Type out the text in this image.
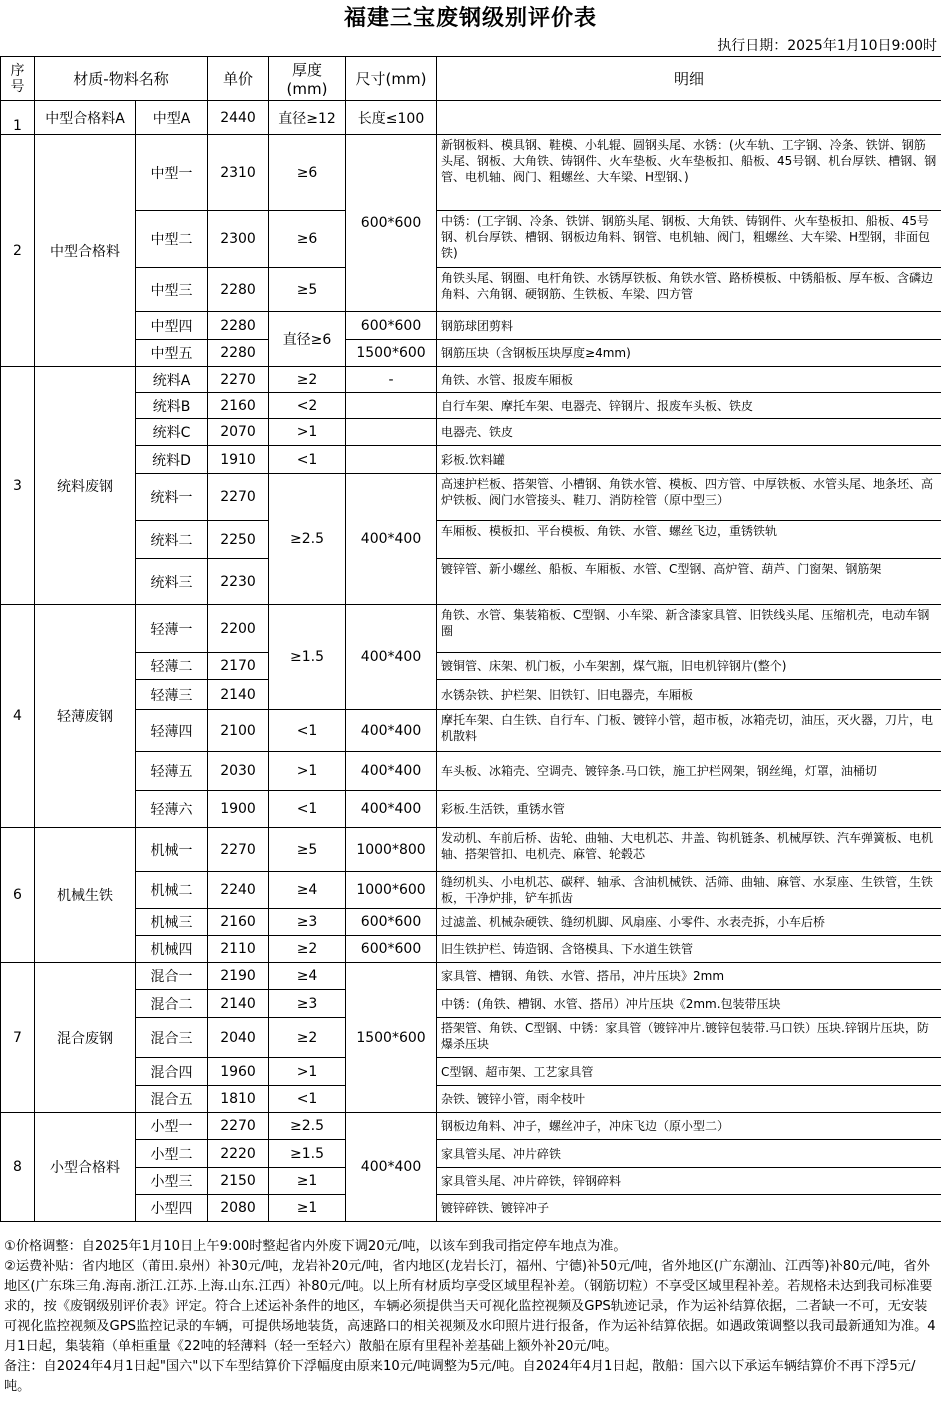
福建三宝废钢级别评价表
执行日期：2025年1月10日9:00时
序号	材质-物料名称		单价	厚度(mm)	尺寸(mm)	明细
1	中型合格料A	中型A	2440	直径≥12	长度≤100	
2	中型合格料	中型一	2310	≥6	600*600	新钢板料、模具钢、鞋模、小轧辊、圆钢头尾、水锈：(火车轨、工字钢、冷条、铁饼、钢筋头尾、钢板、大角铁、铸钢件、火车垫板、火车垫板扣、船板、45号钢、机台厚铁、槽钢、钢管、电机轴、阀门、粗螺丝、大车梁、H型钢、)
		中型二	2300	≥6		中锈：(工字钢、冷条、铁饼、钢筋头尾、钢板、大角铁、铸钢件、火车垫板扣、船板、45号钢、机台厚铁、槽钢、钢板边角料、钢管、电机轴、阀门，粗螺丝、大车梁、H型钢，非面包铁)
		中型三	2280	≥5		角铁头尾、钢圈、电杆角铁、水锈厚铁板、角铁水管、路桥模板、中锈船板、厚车板、含磷边角料、六角钢、硬钢筋、生铁板、车梁、四方管
		中型四	2280	直径≥6	600*600	钢筋球团剪料
		中型五	2280		1500*600	钢筋压块（含钢板压块厚度≥4mm)
3	统料废钢	统料A	2270	≥2	-	角铁、水管、报废车厢板
		统料B	2160	<2		自行车架、摩托车架、电器壳、锌钢片、报废车头板、铁皮
		统料C	2070	>1		电器壳、铁皮
		统料D	1910	<1		彩板.饮料罐
		统料一	2270	≥2.5	400*400	高速护栏板、搭架管、小槽钢、角铁水管、模板、四方管、中厚铁板、水管头尾、地条坯、高炉铁板、阀门水管接头、鞋刀、消防栓管（原中型三）
		统料二	2250			车厢板、模板扣、平台模板、角铁、水管、螺丝飞边，重锈铁轨
		统料三	2230			镀锌管、新小螺丝、船板、车厢板、水管、C型钢、高炉管、葫芦、门窗架、钢筋架
4	轻薄废钢	轻薄一	2200	≥1.5	400*400	角铁、水管、集装箱板、C型钢、小车梁、新含漆家具管、旧铁线头尾、压缩机壳，电动车钢圈
		轻薄二	2170			镀铜管、床架、机门板，小车架割，煤气瓶，旧电机锌钢片(整个)
		轻薄三	2140			水锈杂铁、护栏架、旧铁钉、旧电器壳，车厢板
		轻薄四	2100	<1	400*400	摩托车架、白生铁、自行车、门板、镀锌小管，超市板，冰箱壳切，油压，灭火器，刀片，电机散料
		轻薄五	2030	>1	400*400	车头板、冰箱壳、空调壳、镀锌条.马口铁，施工护栏网架，钢丝绳，灯罩，油桶切
		轻薄六	1900	<1	400*400	彩板.生活铁，重锈水管
6	机械生铁	机械一	2270	≥5	1000*800	发动机、车前后桥、齿轮、曲轴、大电机芯、井盖、钩机链条、机械厚铁、汽车弹簧板、电机轴、搭架管扣、电机壳、麻管、轮毂芯
		机械二	2240	≥4	1000*600	缝纫机头、小电机芯、碳秤、轴承、含油机械铁、活筛、曲轴、麻管、水泵座、生铁管，生铁板，干净炉排，铲车抓齿
		机械三	2160	≥3	600*600	过滤盖、机械杂硬铁、缝纫机脚、风扇座、小零件、水表壳拆，小车后桥
		机械四	2110	≥2	600*600	旧生铁护栏、铸造钢、含铬模具、下水道生铁管
7	混合废钢	混合一	2190	≥4	1500*600	家具管、槽钢、角铁、水管、搭吊，冲片压块》2mm
		混合二	2140	≥3		中锈：(角铁、槽钢、水管、搭吊）冲片压块《2mm.包装带压块
		混合三	2040	≥2		搭架管、角铁、C型钢、中锈：家具管（镀锌冲片.镀锌包装带.马口铁）压块.锌钢片压块，防爆杀压块
		混合四	1960	>1		C型钢、超市架、工艺家具管
		混合五	1810	<1		杂铁、镀锌小管，雨伞枝叶
8	小型合格料	小型一	2270	≥2.5	400*400	钢板边角料、冲子，螺丝冲子，冲床飞边（原小型二）
		小型二	2220	≥1.5		家具管头尾、冲片碎铁
		小型三	2150	≥1		家具管头尾、冲片碎铁，锌钢碎料
		小型四	2080	≥1		镀锌碎铁、镀锌冲子

①价格调整：自2025年1月10日上午9:00时整起省内外废下调20元/吨，以该车到我司指定停车地点为准。

②运费补贴：省内地区（莆田.泉州）补30元/吨，龙岩补20元/吨，省内地区(龙岩长汀，福州、宁德)补50元/吨，省外地区(广东潮汕、江西等)补80元/吨，省外地区(广东珠三角.海南.浙江.江苏.上海.山东.江西）补80元/吨。以上所有材质均享受区域里程补差。（钢筋切粒）不享受区域里程补差。若规格未达到我司标准要求的，按《废钢级别评价表》评定。符合上述运补条件的地区，车辆必须提供当天可视化监控视频及GPS轨迹记录，作为运补结算依据，二者缺一不可，无安装可视化监控视频及GPS监控记录的车辆，可提供场地装货，高速路口的相关视频及水印照片进行报备，作为运补结算依据。如遇政策调整以我司最新通知为准。4月1日起，集装箱（单柜重量《22吨的轻薄料（轻一至轻六）散船在原有里程补差基础上额外补20元/吨。

备注：自2024年4月1日起"国六"以下车型结算价下浮幅度由原来10元/吨调整为5元/吨。自2024年4月1日起，散船：国六以下承运车辆结算价不再下浮5元/吨。
